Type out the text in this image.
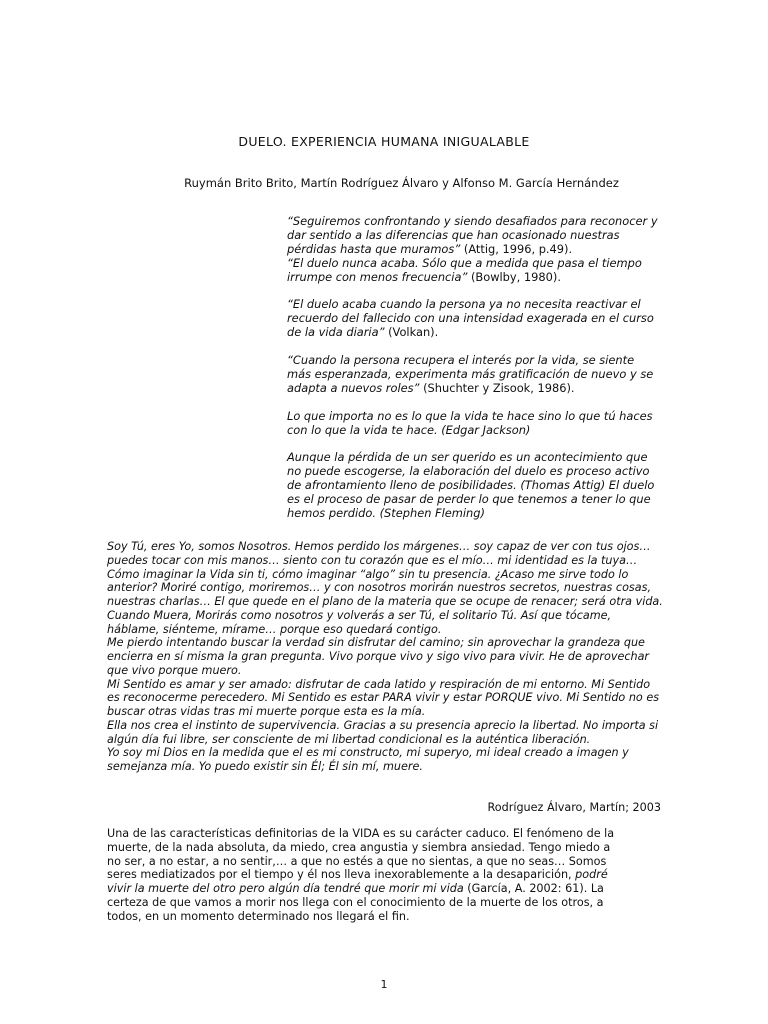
DUELO. EXPERIENCIA HUMANA INIGUALABLE

Ruymán Brito Brito, Martín Rodríguez Álvaro y Alfonso M. García Hernández

“Seguiremos confrontando y siendo desafiados para reconocer y dar sentido a las diferencias que han ocasionado nuestras pérdidas hasta que muramos” (Attig, 1996, p.49).

“El duelo nunca acaba. Sólo que a medida que pasa el tiempo irrumpe con menos frecuencia” (Bowlby, 1980).

“El duelo acaba cuando la persona ya no necesita reactivar el recuerdo del fallecido con una intensidad exagerada en el curso de la vida diaria” (Volkan).

“Cuando la persona recupera el interés por la vida, se siente más esperanzada, experimenta más gratificación de nuevo y se adapta a nuevos roles” (Shuchter y Zisook, 1986).

Lo que importa no es lo que la vida te hace sino lo que tú haces con lo que la vida te hace. (Edgar Jackson)

Aunque la pérdida de un ser querido es un acontecimiento que no puede escogerse, la elaboración del duelo es proceso activo de afrontamiento lleno de posibilidades. (Thomas Attig) El duelo es el proceso de pasar de perder lo que tenemos a tener lo que hemos perdido. (Stephen Fleming)

Soy Tú, eres Yo, somos Nosotros. Hemos perdido los márgenes… soy capaz de ver con tus ojos… puedes tocar con mis manos… siento con tu corazón que es el mío… mi identidad es la tuya… Cómo imaginar la Vida sin ti, cómo imaginar “algo” sin tu presencia. ¿Acaso me sirve todo lo anterior? Moriré contigo, moriremos… y con nosotros morirán nuestros secretos, nuestras cosas, nuestras charlas… El que quede en el plano de la materia que se ocupe de renacer; será otra vida. Cuando Muera, Morirás como nosotros y volverás a ser Tú, el solitario Tú. Así que tócame, háblame, siénteme, mírame… porque eso quedará contigo.

Me pierdo intentando buscar la verdad sin disfrutar del camino; sin aprovechar la grandeza que encierra en sí misma la gran pregunta. Vivo porque vivo y sigo vivo para vivir. He de aprovechar que vivo porque muero.

Mi Sentido es amar y ser amado: disfrutar de cada latido y respiración de mi entorno. Mi Sentido es reconocerme perecedero. Mi Sentido es estar PARA vivir y estar PORQUE vivo. Mi Sentido no es buscar otras vidas tras mi muerte porque esta es la mía.

Ella nos crea el instinto de supervivencia. Gracias a su presencia aprecio la libertad. No importa si algún día fui libre, ser consciente de mi libertad condicional es la auténtica liberación.

Yo soy mi Dios en la medida que el es mi constructo, mi superyo, mi ideal creado a imagen y semejanza mía. Yo puedo existir sin Él; Él sin mí, muere.

Rodríguez Álvaro, Martín; 2003

Una de las características definitorias de la VIDA es su carácter caduco. El fenómeno de la muerte, de la nada absoluta, da miedo, crea angustia y siembra ansiedad. Tengo miedo a no ser, a no estar, a no sentir,… a que no estés a que no sientas, a que no seas… Somos seres mediatizados por el tiempo y él nos lleva inexorablemente a la desaparición, podré vivir la muerte del otro pero algún día tendré que morir mi vida (García, A. 2002: 61). La certeza de que vamos a morir nos llega con el conocimiento de la muerte de los otros, a todos, en un momento determinado nos llegará el fin.

1
